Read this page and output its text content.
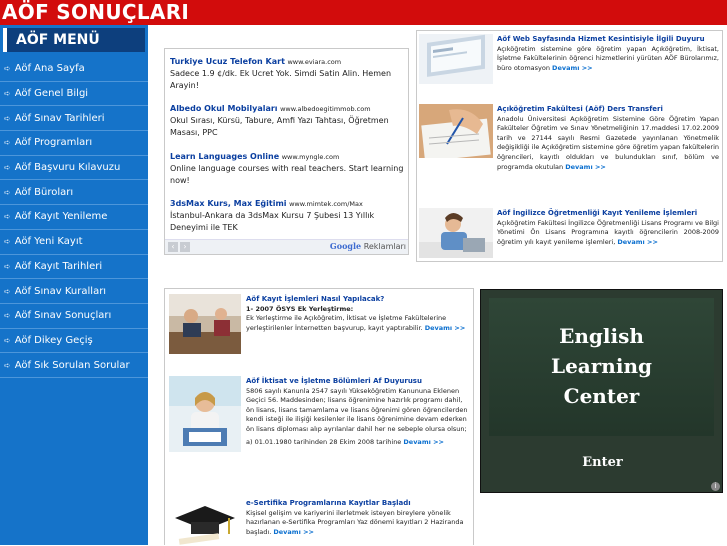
AÖF SONUÇLARI
AÖF MENÜ
➪ Aöf Ana Sayfa
➪ Aöf Genel Bilgi
➪ Aöf Sınav Tarihleri
➪ Aöf Programları
➪ Aöf Başvuru Kılavuzu
➪ Aöf Büroları
➪ Aöf Kayıt Yenileme
➪ Aöf Yeni Kayıt
➪ Aöf Kayıt Tarihleri
➪ Aöf Sınav Kuralları
➪ Aöf Sınav Sonuçları
➪ Aöf Dikey Geçiş
➪ Aöf Sık Sorulan Sorular
Turkiye Ucuz Telefon Kart www.eviara.com
Sadece 1.9 ¢/dk. Ek Ucret Yok. Simdi Satin Alin. Hemen Arayin!
Albedo Okul Mobilyaları www.albedoegitimmob.com
Okul Sırası, Kürsü, Tabure, Amfi Yazı Tahtası, Öğretmen Masası, PPC
Learn Languages Online www.myngle.com
Online language courses with real teachers. Start learning now!
3dsMax Kurs, Max Eğitimi www.mimtek.com/Max
İstanbul-Ankara da 3dsMax Kursu 7 Şubesi 13 Yıllık Deneyimi ile TEK
‹	›	Google Reklamları
Aöf Web Sayfasında Hizmet Kesintisiyle İlgili Duyuru
Açıköğretim sistemine göre öğretim yapan Açıköğretim, İktisat, İşletme Fakültelerinin öğrenci hizmetlerini yürüten AÖF Bürolarımız, büro otomasyon Devamı >>
Açıköğretim Fakültesi (Aöf) Ders Transferi
Anadolu Üniversitesi Açıköğretim Sistemine Göre Öğretim Yapan Fakülteler Öğretim ve Sınav Yönetmeliğinin 17.maddesi 17.02.2009 tarih ve 27144 sayılı Resmi Gazetede yayınlanan Yönetmelik değişikliği ile Açıköğretim sistemine göre öğretim yapan fakültelerin öğrencileri, kayıtlı oldukları ve bulundukları sınıf, bölüm ve programda okutulan Devamı >>
Aöf İngilizce Öğretmenliği Kayıt Yenileme İşlemleri
Açıköğretim Fakültesi İngilizce Öğretmenliği Lisans Programı ve Bilgi Yönetimi Ön Lisans Programına kayıtlı öğrencilerin 2008-2009 öğretim yılı kayıt yenileme işlemleri, Devamı >>
Aöf Kayıt İşlemleri Nasıl Yapılacak?
1- 2007 ÖSYS Ek Yerleştirme:
Ek Yerleştirme ile Açıköğretim, İktisat ve İşletme Fakültelerine yerleştirilenler İnternetten başvurup, kayıt yaptırabilir. Devamı >>
Aöf İktisat ve İşletme Bölümleri Af Duyurusu
5806 sayılı Kanunla 2547 sayılı Yükseköğretim Kanununa Eklenen Geçici 56. Maddesinden; lisans öğrenimine hazırlık programı dahil, ön lisans, lisans tamamlama ve lisans öğrenimi gören öğrencilerden kendi isteği ile ilişiği kesilenler ile lisans öğrenimine devam ederken ön lisans diploması alıp ayrılanlar dahil her ne sebeple olursa olsun;
a) 01.01.1980 tarihinden 28 Ekim 2008 tarihine Devamı >>
e-Sertifika Programlarına Kayıtlar Başladı
Kişisel gelişim ve kariyerini ilerletmek isteyen bireylere yönelik hazırlanan e-Sertifika Programları Yaz dönemi kayıtları 2 Haziranda başladı. Devamı >>
English
Learning
Center
Enter
i
